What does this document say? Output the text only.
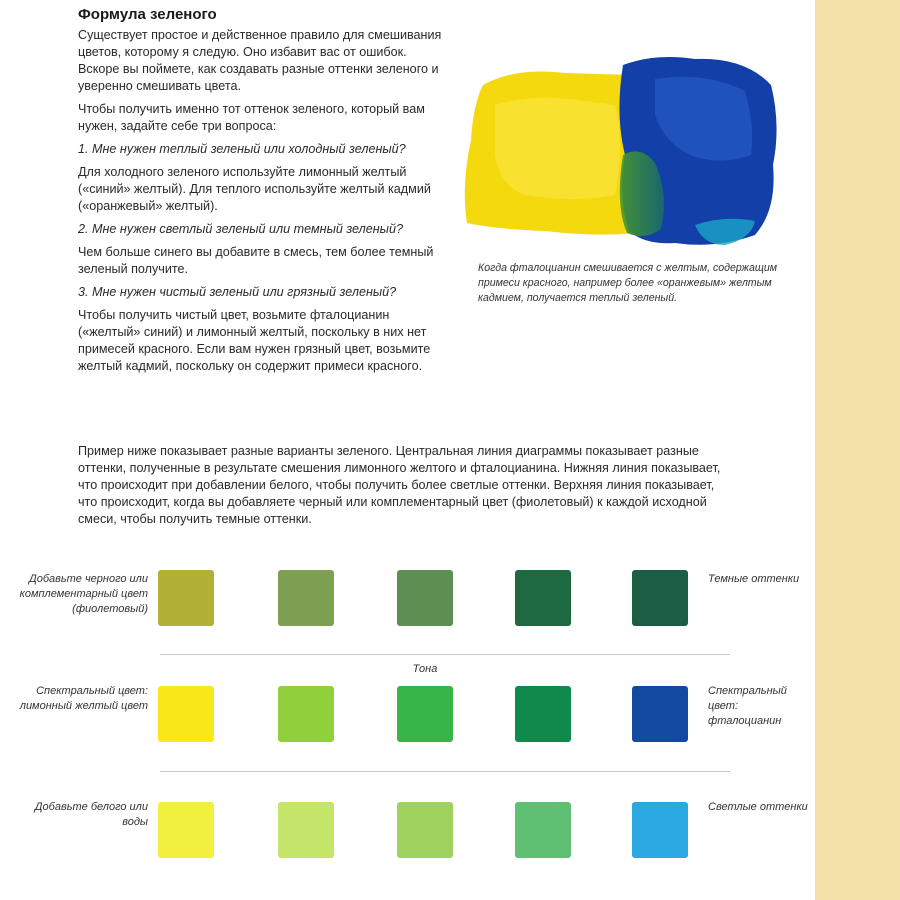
Формула зеленого

Существует простое и действенное правило для смешивания цветов, которому я следую. Оно избавит вас от ошибок. Вскоре вы поймете, как создавать разные оттенки зеленого и уверенно смешивать цвета.

Чтобы получить именно тот оттенок зеленого, который вам нужен, задайте себе три вопроса:

1. Мне нужен теплый зеленый или холодный зеленый?

Для холодного зеленого используйте лимонный желтый («синий» желтый). Для теплого используйте желтый кадмий («оранжевый» желтый).

2. Мне нужен светлый зеленый или темный зеленый?

Чем больше синего вы добавите в смесь, тем более темный зеленый получите.

3. Мне нужен чистый зеленый или грязный зеленый?

Чтобы получить чистый цвет, возьмите фталоцианин («желтый» синий) и лимонный желтый, поскольку в них нет примесей красного. Если вам нужен грязный цвет, возьмите желтый кадмий, поскольку он содержит примеси красного.

Когда фталоцианин смешивается с желтым, содержащим примеси красного, например более «оранжевым» желтым кадмием, получается теплый зеленый.

Пример ниже показывает разные варианты зеленого. Центральная линия диаграммы показывает разные оттенки, полученные в результате смешения лимонного желтого и фталоцианина. Нижняя линия показывает, что происходит при добавлении белого, чтобы получить более светлые оттенки. Верхняя линия показывает, что происходит, когда вы добавляете черный или комплементарный цвет (фиолетовый) к каждой исходной смеси, чтобы получить темные оттенки.

Добавьте черного или комплементарный цвет (фиолетовый)
Темные оттенки
Тона
Спектральный цвет: лимонный желтый цвет
Спектральный цвет: фталоцианин
Добавьте белого или воды
Светлые оттенки
